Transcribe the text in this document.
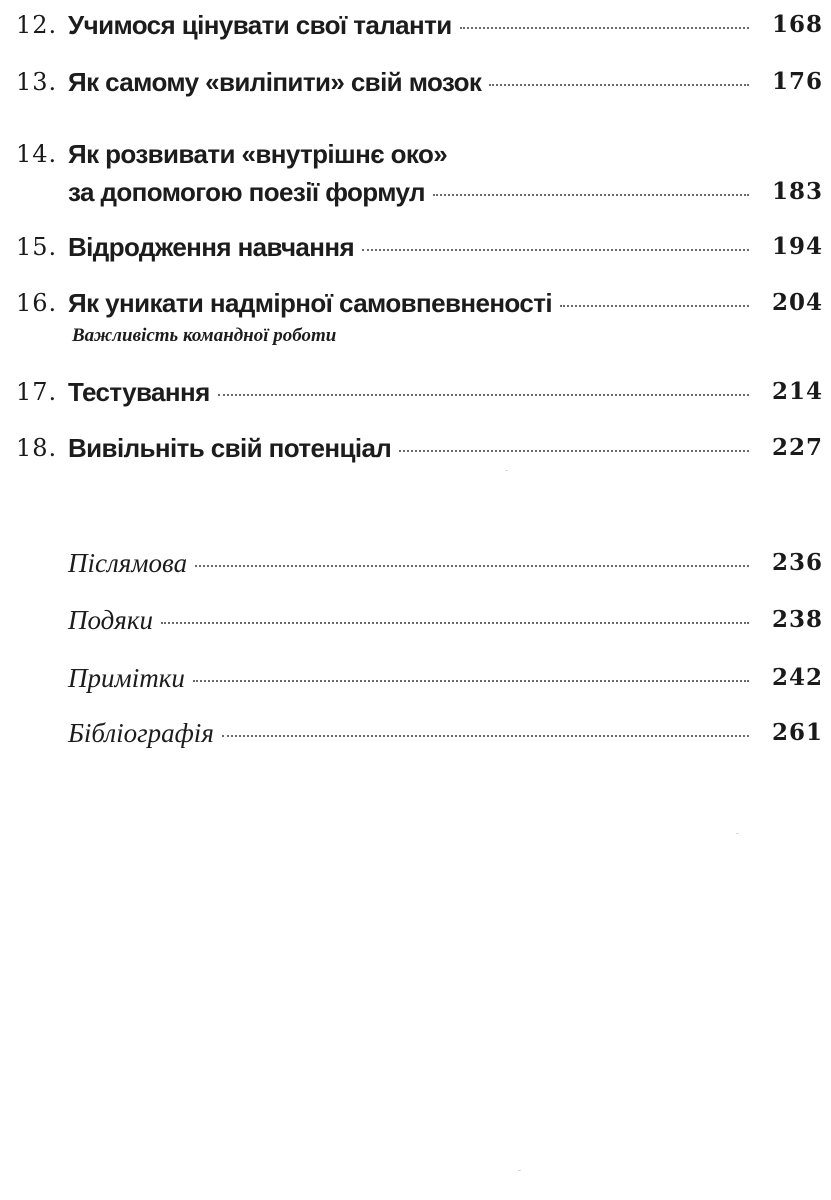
12. Учимося цінувати свої таланти	168
13. Як самому «виліпити» свій мозок	176
14. Як розвивати «внутрішнє око»
за допомогою поезії формул	183
15. Відродження навчання	194
16. Як уникати надмірної самовпевненості	204
Важливість командної роботи
17. Тестування	214
18. Вивільніть свій потенціал	227
Післямова	236
Подяки	238
Примітки	242
Бібліографія	261
